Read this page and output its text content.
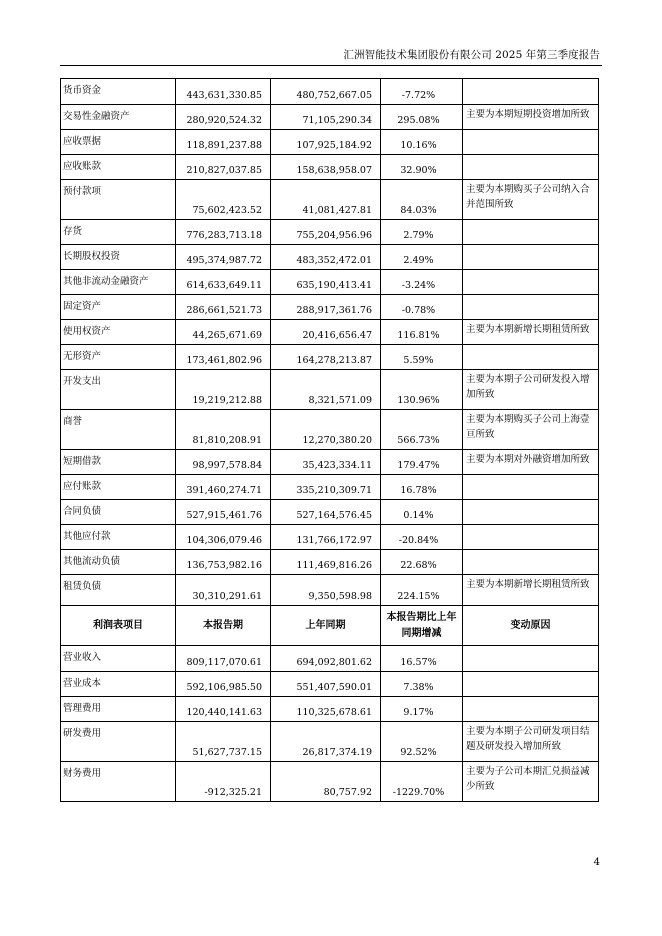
汇洲智能技术集团股份有限公司 2025 年第三季度报告
货币资金	443,631,330.85	480,752,667.05	-7.72%	
交易性金融资产	280,920,524.32	71,105,290.34	295.08%	主要为本期短期投资增加所致
应收票据	118,891,237.88	107,925,184.92	10.16%	
应收账款	210,827,037.85	158,638,958.07	32.90%	
预付款项	75,602,423.52	41,081,427.81	84.03%	主要为本期购买子公司纳入合并范围所致
存货	776,283,713.18	755,204,956.96	2.79%	
长期股权投资	495,374,987.72	483,352,472.01	2.49%	
其他非流动金融资产	614,633,649.11	635,190,413.41	-3.24%	
固定资产	286,661,521.73	288,917,361.76	-0.78%	
使用权资产	44,265,671.69	20,416,656.47	116.81%	主要为本期新增长期租赁所致
无形资产	173,461,802.96	164,278,213.87	5.59%	
开发支出	19,219,212.88	8,321,571.09	130.96%	主要为本期子公司研发投入增加所致
商誉	81,810,208.91	12,270,380.20	566.73%	主要为本期购买子公司上海壹亘所致
短期借款	98,997,578.84	35,423,334.11	179.47%	主要为本期对外融资增加所致
应付账款	391,460,274.71	335,210,309.71	16.78%	
合同负债	527,915,461.76	527,164,576.45	0.14%	
其他应付款	104,306,079.46	131,766,172.97	-20.84%	
其他流动负债	136,753,982.16	111,469,816.26	22.68%	
租赁负债	30,310,291.61	9,350,598.98	224.15%	主要为本期新增长期租赁所致
利润表项目	本报告期	上年同期	本报告期比上年同期增减	变动原因
营业收入	809,117,070.61	694,092,801.62	16.57%	
营业成本	592,106,985.50	551,407,590.01	7.38%	
管理费用	120,440,141.63	110,325,678.61	9.17%	
研发费用	51,627,737.15	26,817,374.19	92.52%	主要为本期子公司研发项目结题及研发投入增加所致
财务费用	-912,325.21	80,757.92	-1229.70%	主要为子公司本期汇兑损益减少所致
4
